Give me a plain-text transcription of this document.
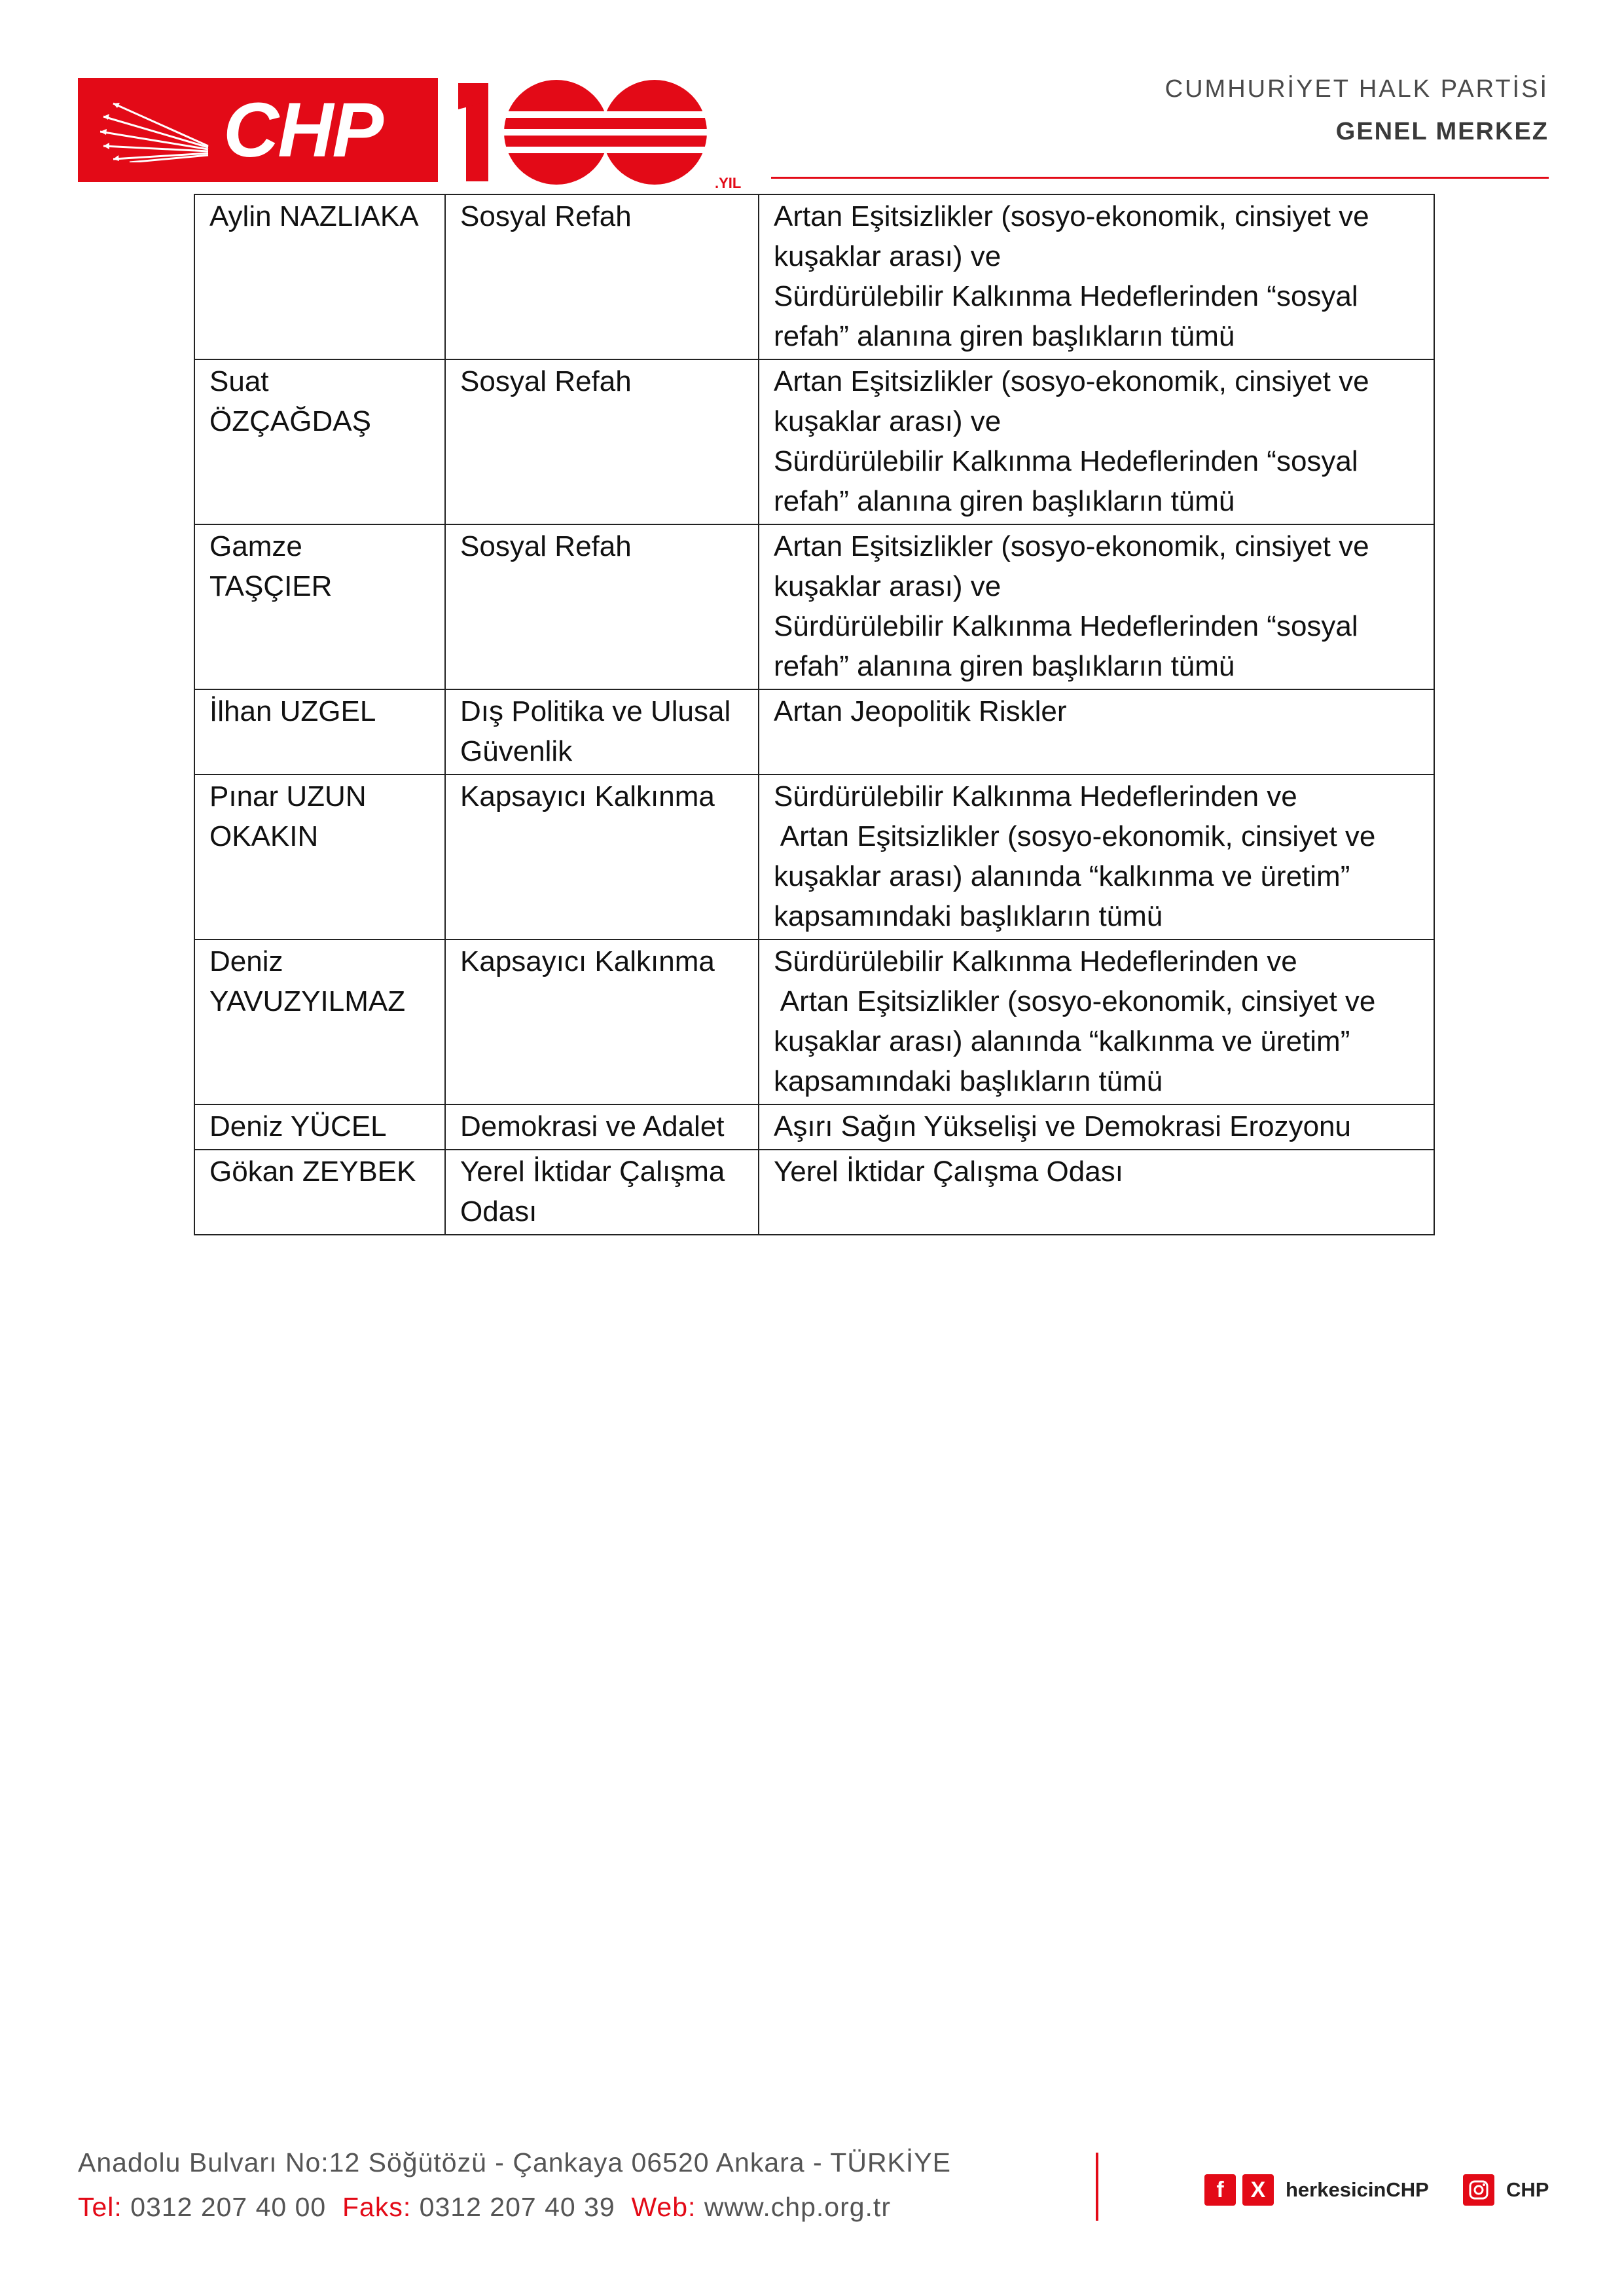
CHP
.YIL
CUMHURİYET HALK PARTİSİ
GENEL MERKEZ
Aylin NAZLIAKA	Sosyal Refah	Artan Eşitsizlikler (sosyo-ekonomik, cinsiyet ve
kuşaklar arası) ve
Sürdürülebilir Kalkınma Hedeflerinden “sosyal
refah” alanına giren başlıkların tümü

Suat ÖZÇAĞDAŞ	Sosyal Refah	Artan Eşitsizlikler (sosyo-ekonomik, cinsiyet ve
kuşaklar arası) ve
Sürdürülebilir Kalkınma Hedeflerinden “sosyal
refah” alanına giren başlıkların tümü

Gamze TAŞÇIER	Sosyal Refah	Artan Eşitsizlikler (sosyo-ekonomik, cinsiyet ve
kuşaklar arası) ve
Sürdürülebilir Kalkınma Hedeflerinden “sosyal
refah” alanına giren başlıkların tümü

İlhan UZGEL	Dış Politika ve Ulusal Güvenlik	Artan Jeopolitik Riskler

Pınar UZUN OKAKIN	Kapsayıcı Kalkınma	Sürdürülebilir Kalkınma Hedeflerinden ve
Artan Eşitsizlikler (sosyo-ekonomik, cinsiyet ve
kuşaklar arası) alanında “kalkınma ve üretim”
kapsamındaki başlıkların tümü

Deniz YAVUZYILMAZ	Kapsayıcı Kalkınma	Sürdürülebilir Kalkınma Hedeflerinden ve
Artan Eşitsizlikler (sosyo-ekonomik, cinsiyet ve
kuşaklar arası) alanında “kalkınma ve üretim”
kapsamındaki başlıkların tümü

Deniz YÜCEL	Demokrasi ve Adalet	Aşırı Sağın Yükselişi ve Demokrasi Erozyonu

Gökan ZEYBEK	Yerel İktidar Çalışma Odası	Yerel İktidar Çalışma Odası
Anadolu Bulvarı No:12 Söğütözü - Çankaya 06520 Ankara - TÜRKİYE
Tel: 0312 207 40 00 Faks: 0312 207 40 39 Web: www.chp.org.tr
f	X herkesicinCHP	CHP
